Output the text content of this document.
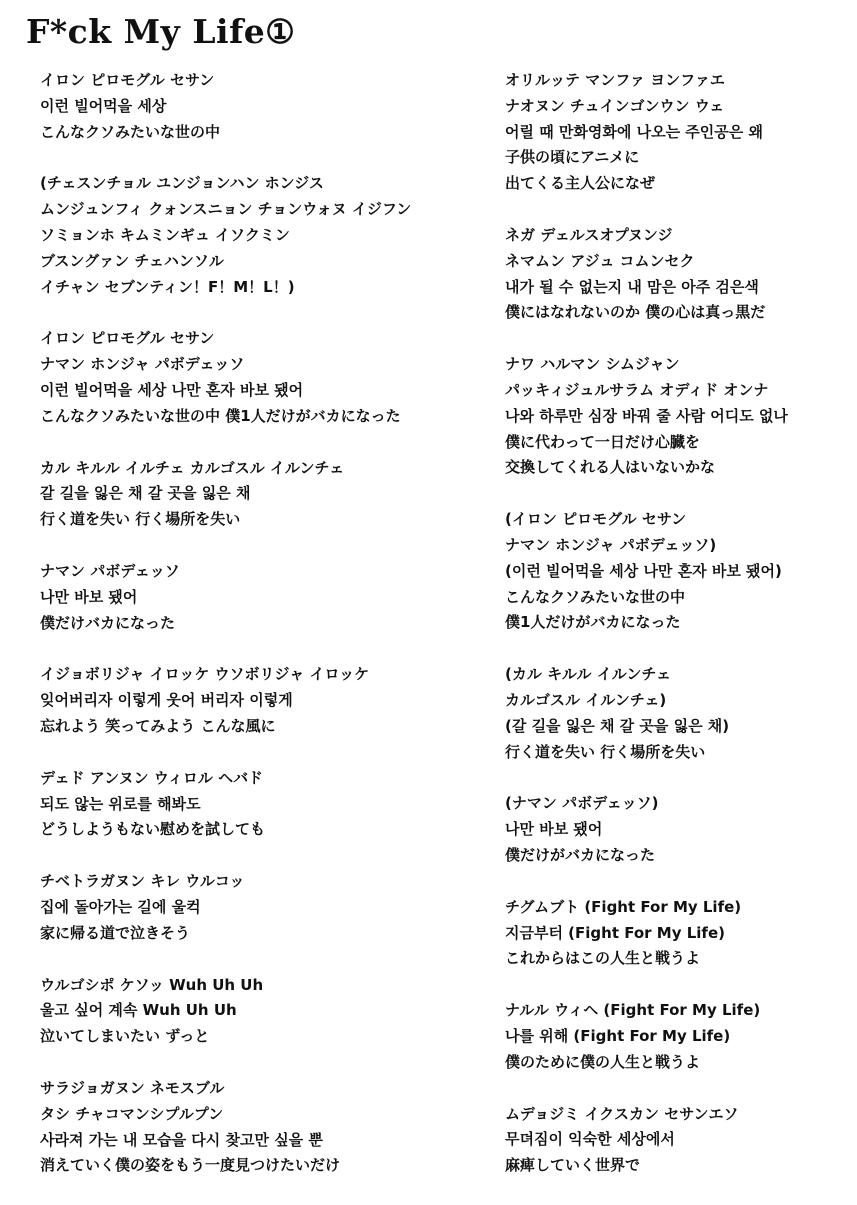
F*ck My Life①
イロン ピロモグル セサン
이런 빌어먹을 세상
こんなクソみたいな世の中
(チェスンチョル ユンジョンハン ホンジス
ムンジュンフィ クォンスニョン チョンウォヌ イジフン
ソミョンホ キムミンギュ イソクミン
ブスングァン チェハンソル
イチャン セブンティン！F！M！L！)
イロン ピロモグル セサン
ナマン ホンジャ パボデェッソ
이런 빌어먹을 세상 나만 혼자 바보 됐어
こんなクソみたいな世の中 僕1人だけがバカになった
カル キルル イルチェ カルゴスル イルンチェ
갈 길을 잃은 채 갈 곳을 잃은 채
行く道を失い 行く場所を失い
ナマン パボデェッソ
나만 바보 됐어
僕だけバカになった
イジョボリジャ イロッケ ウソボリジャ イロッケ
잊어버리자 이렇게 웃어 버리자 이렇게
忘れよう 笑ってみよう こんな風に
デェド アンヌン ウィロル ヘバド
되도 않는 위로를 해봐도
どうしようもない慰めを試しても
チベトラガヌン キレ ウルコッ
집에 돌아가는 길에 울컥
家に帰る道で泣きそう
ウルゴシポ ケソッ Wuh Uh Uh
울고 싶어 계속 Wuh Uh Uh
泣いてしまいたい ずっと
サラジョガヌン ネモスブル
タシ チャコマンシプルプン
사라져 가는 내 모습을 다시 찾고만 싶을 뿐
消えていく僕の姿をもう一度見つけたいだけ
オリルッテ マンファ ヨンファエ
ナオヌン チュインゴンウン ウェ
어릴 때 만화영화에 나오는 주인공은 왜
子供の頃にアニメに
出てくる主人公になぜ
ネガ デェルスオプヌンジ
ネマムン アジュ コムンセク
내가 될 수 없는지 내 맘은 아주 검은색
僕にはなれないのか 僕の心は真っ黒だ
ナワ ハルマン シムジャン
パッキィジュルサラム オディド オンナ
나와 하루만 심장 바꿔 줄 사람 어디도 없나
僕に代わって一日だけ心臓を
交換してくれる人はいないかな
(イロン ピロモグル セサン
ナマン ホンジャ パボデェッソ)
(이런 빌어먹을 세상 나만 혼자 바보 됐어)
こんなクソみたいな世の中
僕1人だけがバカになった
(カル キルル イルンチェ
カルゴスル イルンチェ)
(갈 길을 잃은 채 갈 곳을 잃은 채)
行く道を失い 行く場所を失い
(ナマン パボデェッソ)
나만 바보 됐어
僕だけがバカになった
チグムブト (Fight For My Life)
지금부터 (Fight For My Life)
これからはこの人生と戦うよ
ナルル ウィヘ (Fight For My Life)
나를 위해 (Fight For My Life)
僕のために僕の人生と戦うよ
ムデョジミ イクスカン セサンエソ
무뎌짐이 익숙한 세상에서
麻痺していく世界で
